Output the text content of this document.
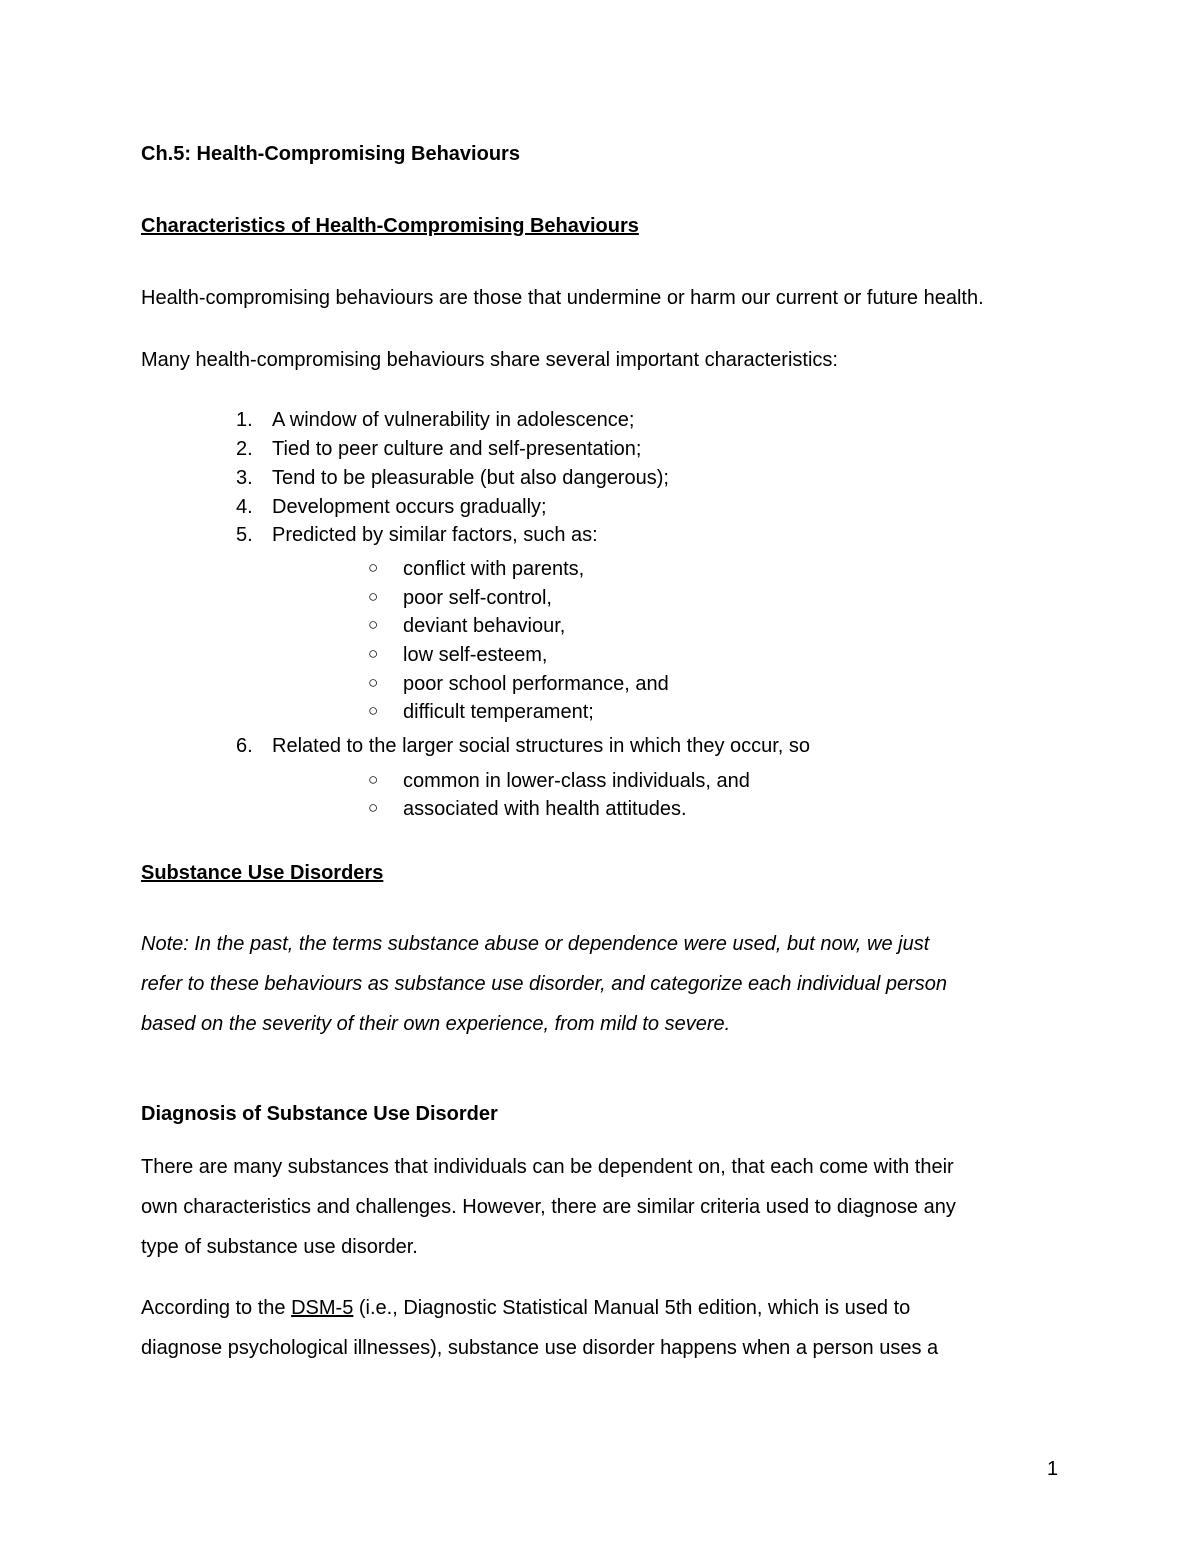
Ch.5: Health-Compromising Behaviours

Characteristics of Health-Compromising Behaviours

Health-compromising behaviours are those that undermine or harm our current or future health.

Many health-compromising behaviours share several important characteristics:

1. A window of vulnerability in adolescence;
2. Tied to peer culture and self-presentation;
3. Tend to be pleasurable (but also dangerous);
4. Development occurs gradually;
5. Predicted by similar factors, such as:
○ conflict with parents,
○ poor self-control,
○ deviant behaviour,
○ low self-esteem,
○ poor school performance, and
○ difficult temperament;
6. Related to the larger social structures in which they occur, so
○ common in lower-class individuals, and
○ associated with health attitudes.

Substance Use Disorders

Note: In the past, the terms substance abuse or dependence were used, but now, we just
refer to these behaviours as substance use disorder, and categorize each individual person
based on the severity of their own experience, from mild to severe.

Diagnosis of Substance Use Disorder

There are many substances that individuals can be dependent on, that each come with their
own characteristics and challenges. However, there are similar criteria used to diagnose any
type of substance use disorder.

According to the DSM-5 (i.e., Diagnostic Statistical Manual 5th edition, which is used to
diagnose psychological illnesses), substance use disorder happens when a person uses a

1
